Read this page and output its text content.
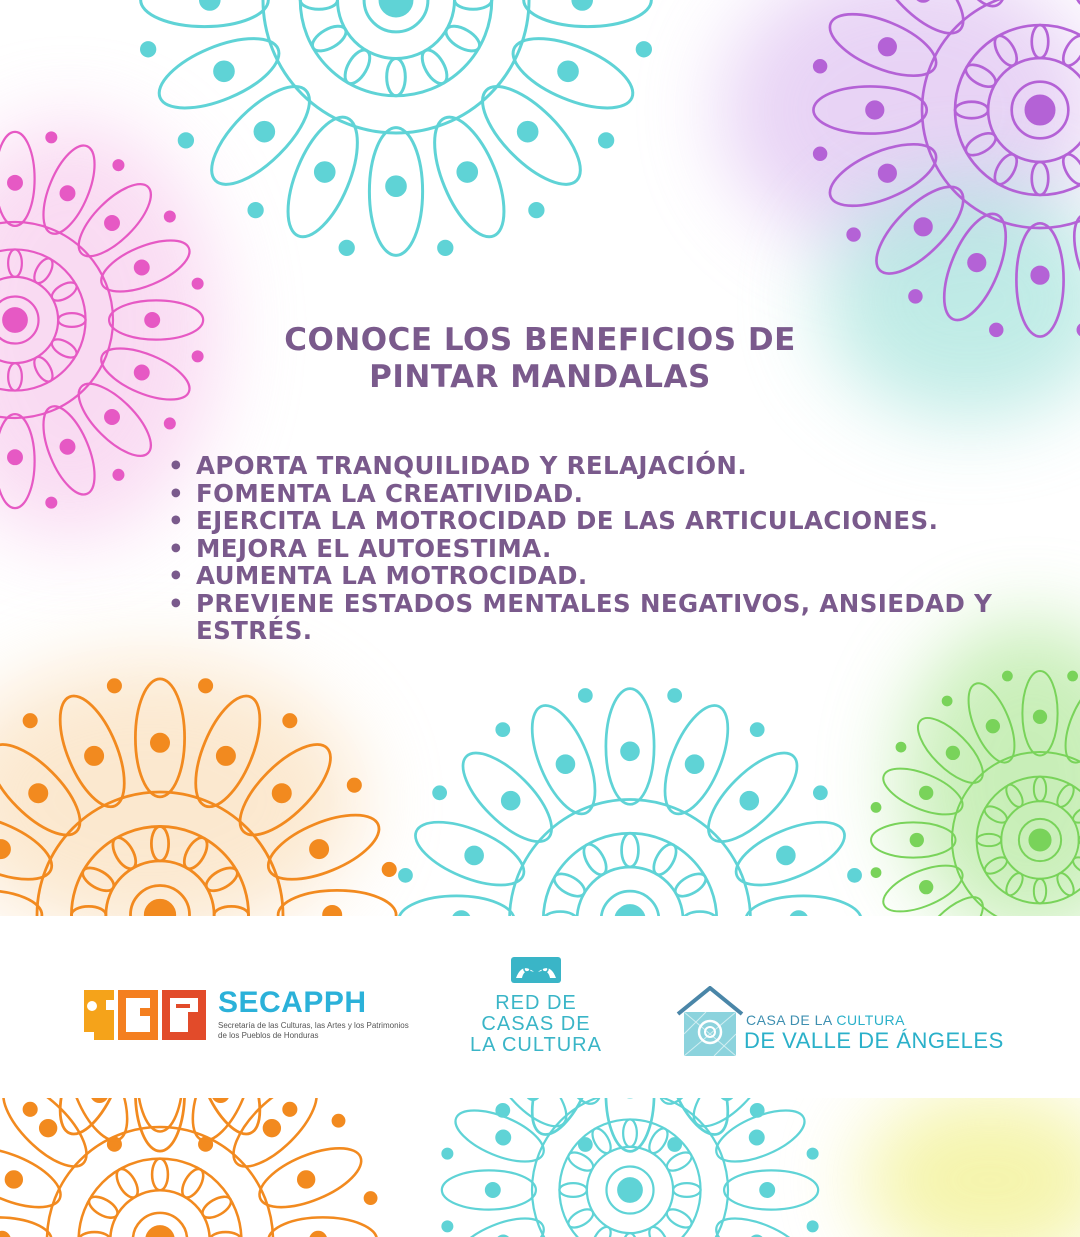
CONOCE LOS BENEFICIOS DE
PINTAR MANDALAS
• APORTA TRANQUILIDAD Y RELAJACIÓN.
• FOMENTA LA CREATIVIDAD.
• EJERCITA LA MOTROCIDAD DE LAS ARTICULACIONES.
• MEJORA EL AUTOESTIMA.
• AUMENTA LA MOTROCIDAD.
• PREVIENE ESTADOS MENTALES NEGATIVOS, ANSIEDAD Y ESTRÉS.
SECAPPH
Secretaría de las Culturas, las Artes y los Patrimonios de los Pueblos de Honduras
RED DE
CASAS DE
LA CULTURA
CASA DE LA CULTURA
DE VALLE DE ÁNGELES
